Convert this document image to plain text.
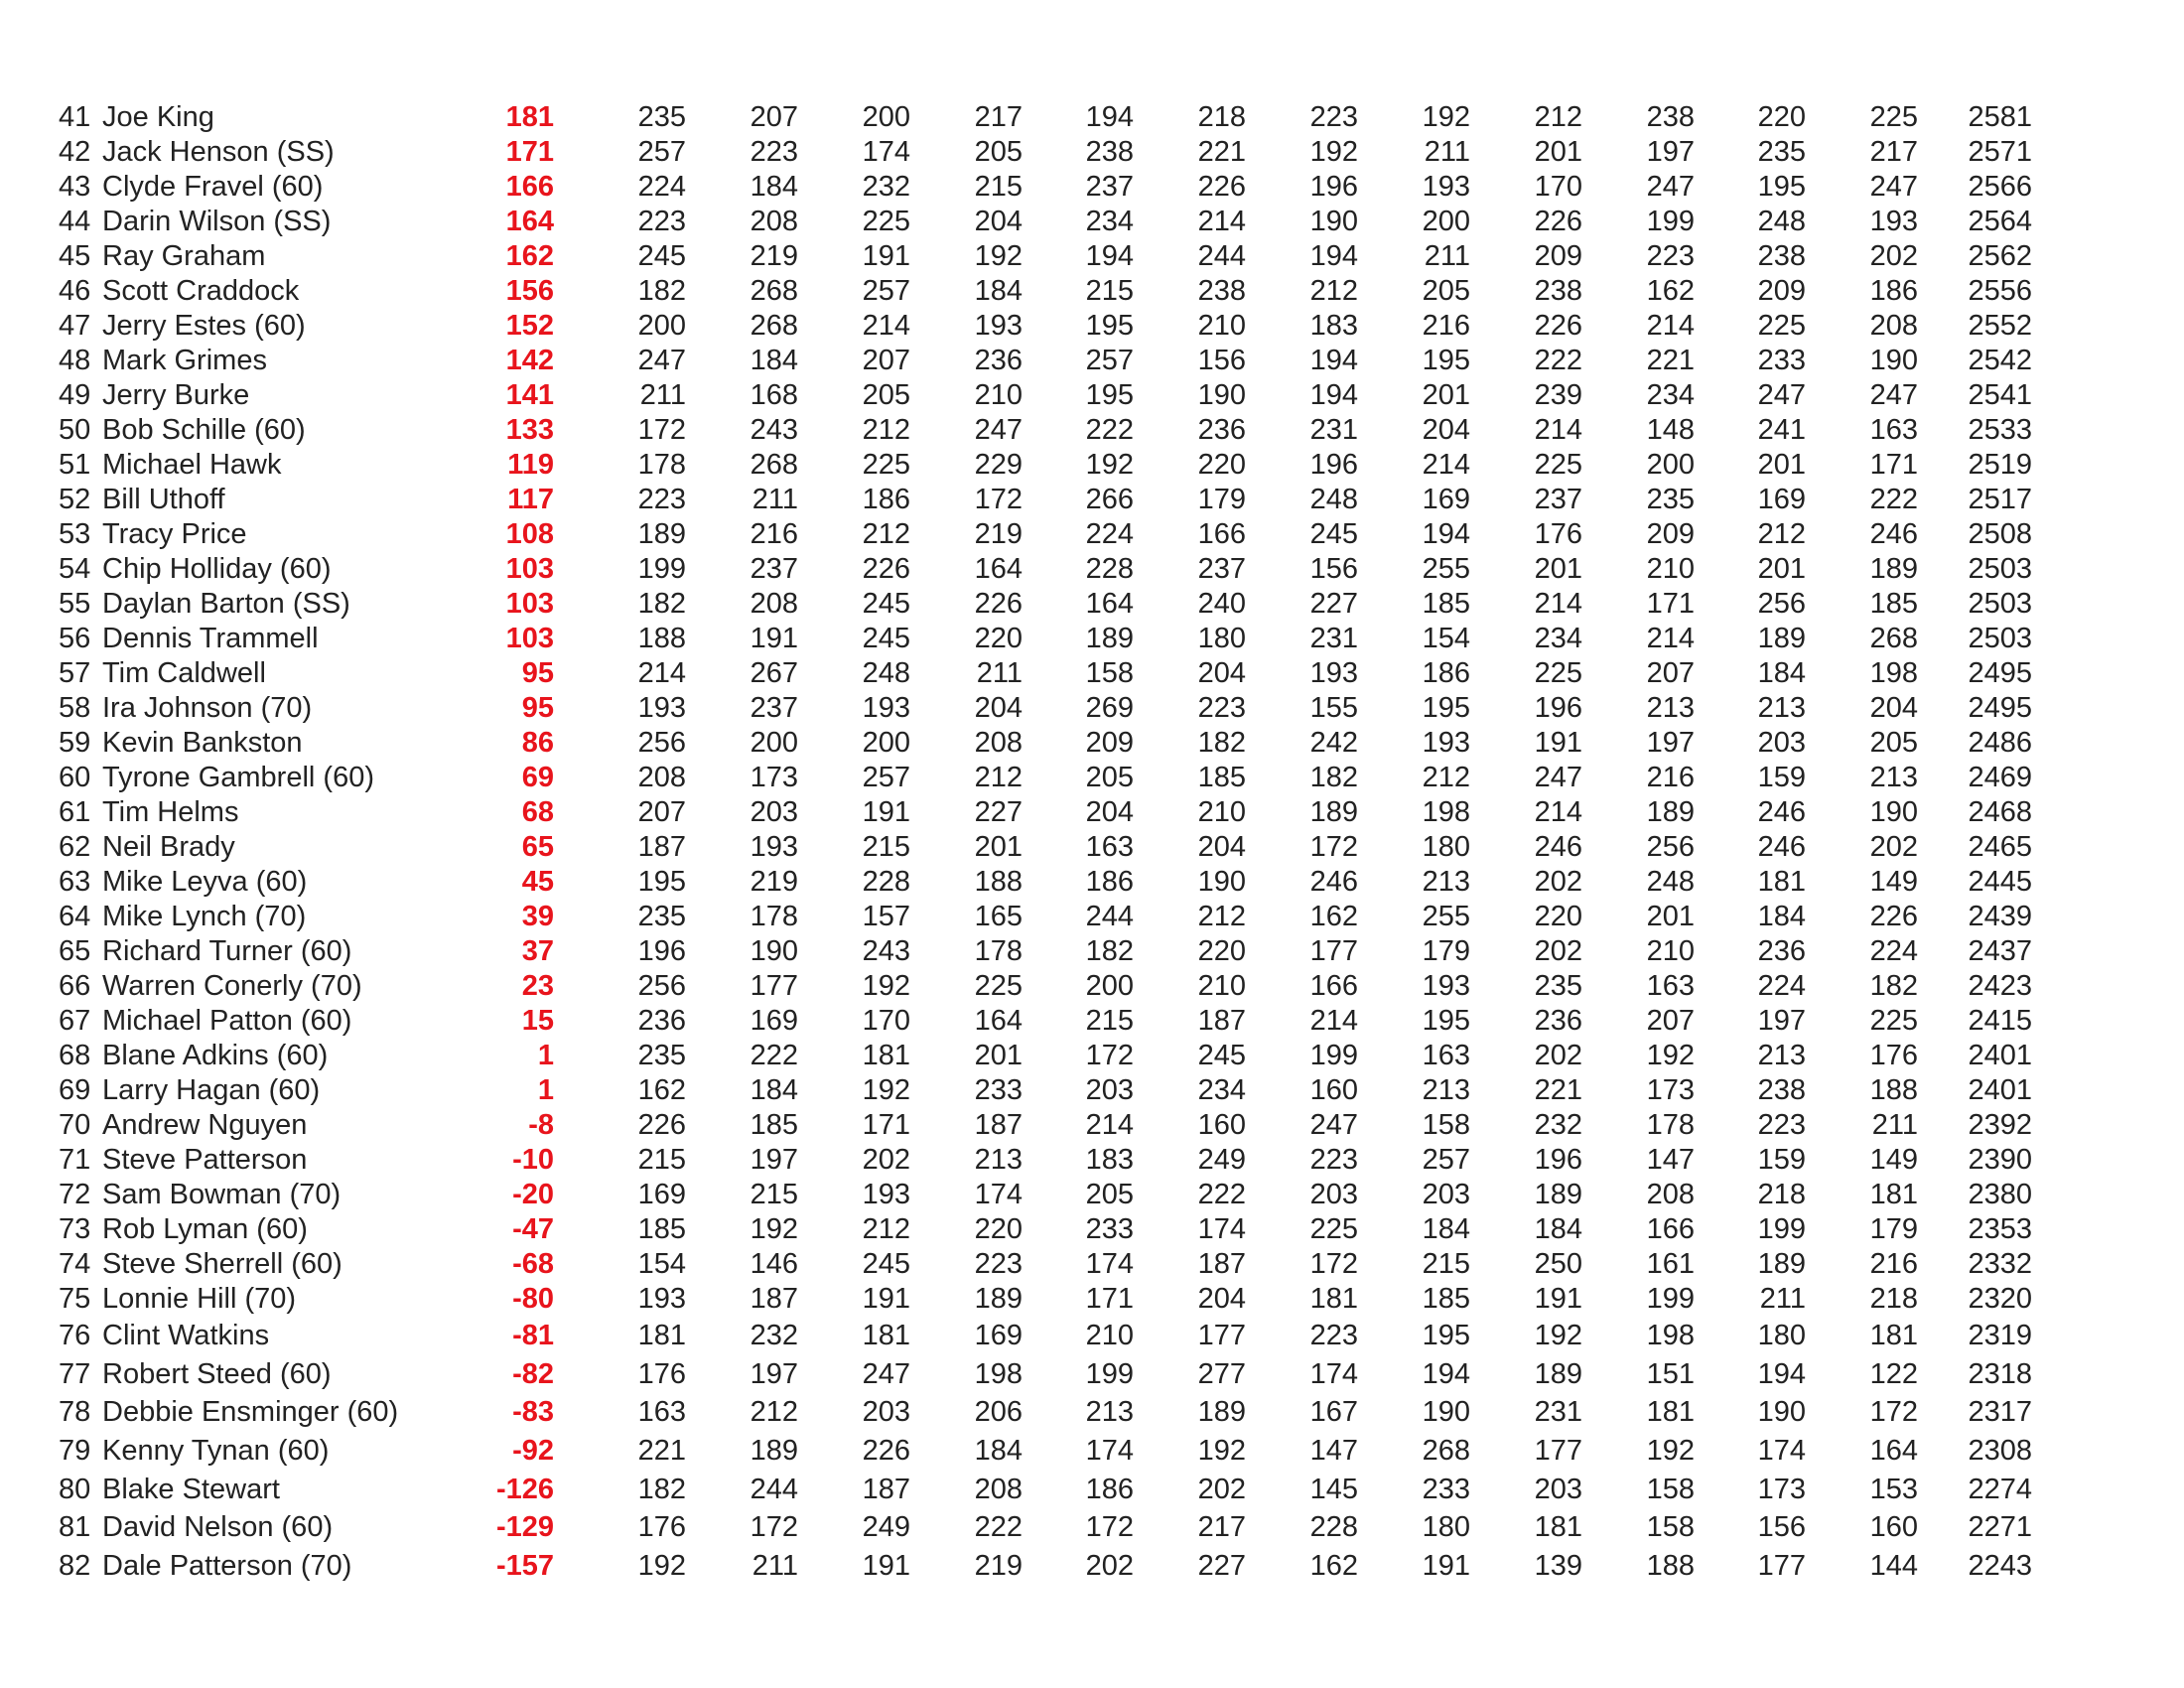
41 Joe King	181	235	207	200	217	194	218	223	192	212	238	220	225	2581
42 Jack Henson (SS)	171	257	223	174	205	238	221	192	211	201	197	235	217	2571
43 Clyde Fravel (60)	166	224	184	232	215	237	226	196	193	170	247	195	247	2566
44 Darin Wilson (SS)	164	223	208	225	204	234	214	190	200	226	199	248	193	2564
45 Ray Graham	162	245	219	191	192	194	244	194	211	209	223	238	202	2562
46 Scott Craddock	156	182	268	257	184	215	238	212	205	238	162	209	186	2556
47 Jerry Estes (60)	152	200	268	214	193	195	210	183	216	226	214	225	208	2552
48 Mark Grimes	142	247	184	207	236	257	156	194	195	222	221	233	190	2542
49 Jerry Burke	141	211	168	205	210	195	190	194	201	239	234	247	247	2541
50 Bob Schille (60)	133	172	243	212	247	222	236	231	204	214	148	241	163	2533
51 Michael Hawk	119	178	268	225	229	192	220	196	214	225	200	201	171	2519
52 Bill Uthoff	117	223	211	186	172	266	179	248	169	237	235	169	222	2517
53 Tracy Price	108	189	216	212	219	224	166	245	194	176	209	212	246	2508
54 Chip Holliday (60)	103	199	237	226	164	228	237	156	255	201	210	201	189	2503
55 Daylan Barton (SS)	103	182	208	245	226	164	240	227	185	214	171	256	185	2503
56 Dennis Trammell	103	188	191	245	220	189	180	231	154	234	214	189	268	2503
57 Tim Caldwell	95	214	267	248	211	158	204	193	186	225	207	184	198	2495
58 Ira Johnson (70)	95	193	237	193	204	269	223	155	195	196	213	213	204	2495
59 Kevin Bankston	86	256	200	200	208	209	182	242	193	191	197	203	205	2486
60 Tyrone Gambrell (60)	69	208	173	257	212	205	185	182	212	247	216	159	213	2469
61 Tim Helms	68	207	203	191	227	204	210	189	198	214	189	246	190	2468
62 Neil Brady	65	187	193	215	201	163	204	172	180	246	256	246	202	2465
63 Mike Leyva (60)	45	195	219	228	188	186	190	246	213	202	248	181	149	2445
64 Mike Lynch (70)	39	235	178	157	165	244	212	162	255	220	201	184	226	2439
65 Richard Turner (60)	37	196	190	243	178	182	220	177	179	202	210	236	224	2437
66 Warren Conerly (70)	23	256	177	192	225	200	210	166	193	235	163	224	182	2423
67 Michael Patton (60)	15	236	169	170	164	215	187	214	195	236	207	197	225	2415
68 Blane Adkins (60)	1	235	222	181	201	172	245	199	163	202	192	213	176	2401
69 Larry Hagan (60)	1	162	184	192	233	203	234	160	213	221	173	238	188	2401
70 Andrew Nguyen	-8	226	185	171	187	214	160	247	158	232	178	223	211	2392
71 Steve Patterson	-10	215	197	202	213	183	249	223	257	196	147	159	149	2390
72 Sam Bowman (70)	-20	169	215	193	174	205	222	203	203	189	208	218	181	2380
73 Rob Lyman (60)	-47	185	192	212	220	233	174	225	184	184	166	199	179	2353
74 Steve Sherrell (60)	-68	154	146	245	223	174	187	172	215	250	161	189	216	2332
75 Lonnie Hill (70)	-80	193	187	191	189	171	204	181	185	191	199	211	218	2320
76 Clint Watkins	-81	181	232	181	169	210	177	223	195	192	198	180	181	2319
77 Robert Steed (60)	-82	176	197	247	198	199	277	174	194	189	151	194	122	2318
78 Debbie Ensminger (60)	-83	163	212	203	206	213	189	167	190	231	181	190	172	2317
79 Kenny Tynan (60)	-92	221	189	226	184	174	192	147	268	177	192	174	164	2308
80 Blake Stewart	-126	182	244	187	208	186	202	145	233	203	158	173	153	2274
81 David Nelson (60)	-129	176	172	249	222	172	217	228	180	181	158	156	160	2271
82 Dale Patterson (70)	-157	192	211	191	219	202	227	162	191	139	188	177	144	2243
